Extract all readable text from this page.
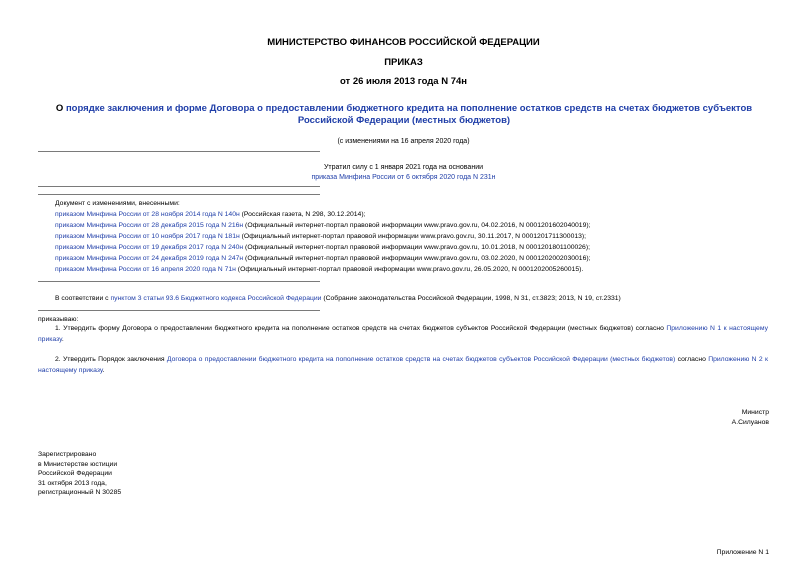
МИНИСТЕРСТВО ФИНАНСОВ РОССИЙСКОЙ ФЕДЕРАЦИИ
ПРИКАЗ
от 26 июля 2013 года N 74н
О порядке заключения и форме Договора о предоставлении бюджетного кредита на пополнение остатков средств на счетах бюджетов субъектов Российской Федерации (местных бюджетов)
(с изменениями на 16 апреля 2020 года)
Утратил силу с 1 января 2021 года на основании
приказа Минфина России от 6 октября 2020 года N 231н
Документ с изменениями, внесенными:
приказом Минфина России от 28 ноября 2014 года N 140н (Российская газета, N 298, 30.12.2014);
приказом Минфина России от 28 декабря 2015 года N 216н (Официальный интернет-портал правовой информации www.pravo.gov.ru, 04.02.2016, N 0001201602040019);
приказом Минфина России от 10 ноября 2017 года N 181н (Официальный интернет-портал правовой информации www.pravo.gov.ru, 30.11.2017, N 0001201711300013);
приказом Минфина России от 19 декабря 2017 года N 240н (Официальный интернет-портал правовой информации www.pravo.gov.ru, 10.01.2018, N 0001201801100026);
приказом Минфина России от 24 декабря 2019 года N 247н (Официальный интернет-портал правовой информации www.pravo.gov.ru, 03.02.2020, N 0001202002030016);
приказом Минфина России от 16 апреля 2020 года N 71н (Официальный интернет-портал правовой информации www.pravo.gov.ru, 26.05.2020, N 0001202005260015).
В соответствии с пунктом 3 статьи 93.6 Бюджетного кодекса Российской Федерации (Собрание законодательства Российской Федерации, 1998, N 31, ст.3823; 2013, N 19, ст.2331)
приказываю:
1. Утвердить форму Договора о предоставлении бюджетного кредита на пополнение остатков средств на счетах бюджетов субъектов Российской Федерации (местных бюджетов) согласно Приложению N 1 к настоящему приказу.
2. Утвердить Порядок заключения Договора о предоставлении бюджетного кредита на пополнение остатков средств на счетах бюджетов субъектов Российской Федерации (местных бюджетов) согласно Приложению N 2 к настоящему приказу.
Министр
А.Силуанов
Зарегистрировано
в Министерстве юстиции
Российской Федерации
31 октября 2013 года,
регистрационный N 30285
Приложение N 1
